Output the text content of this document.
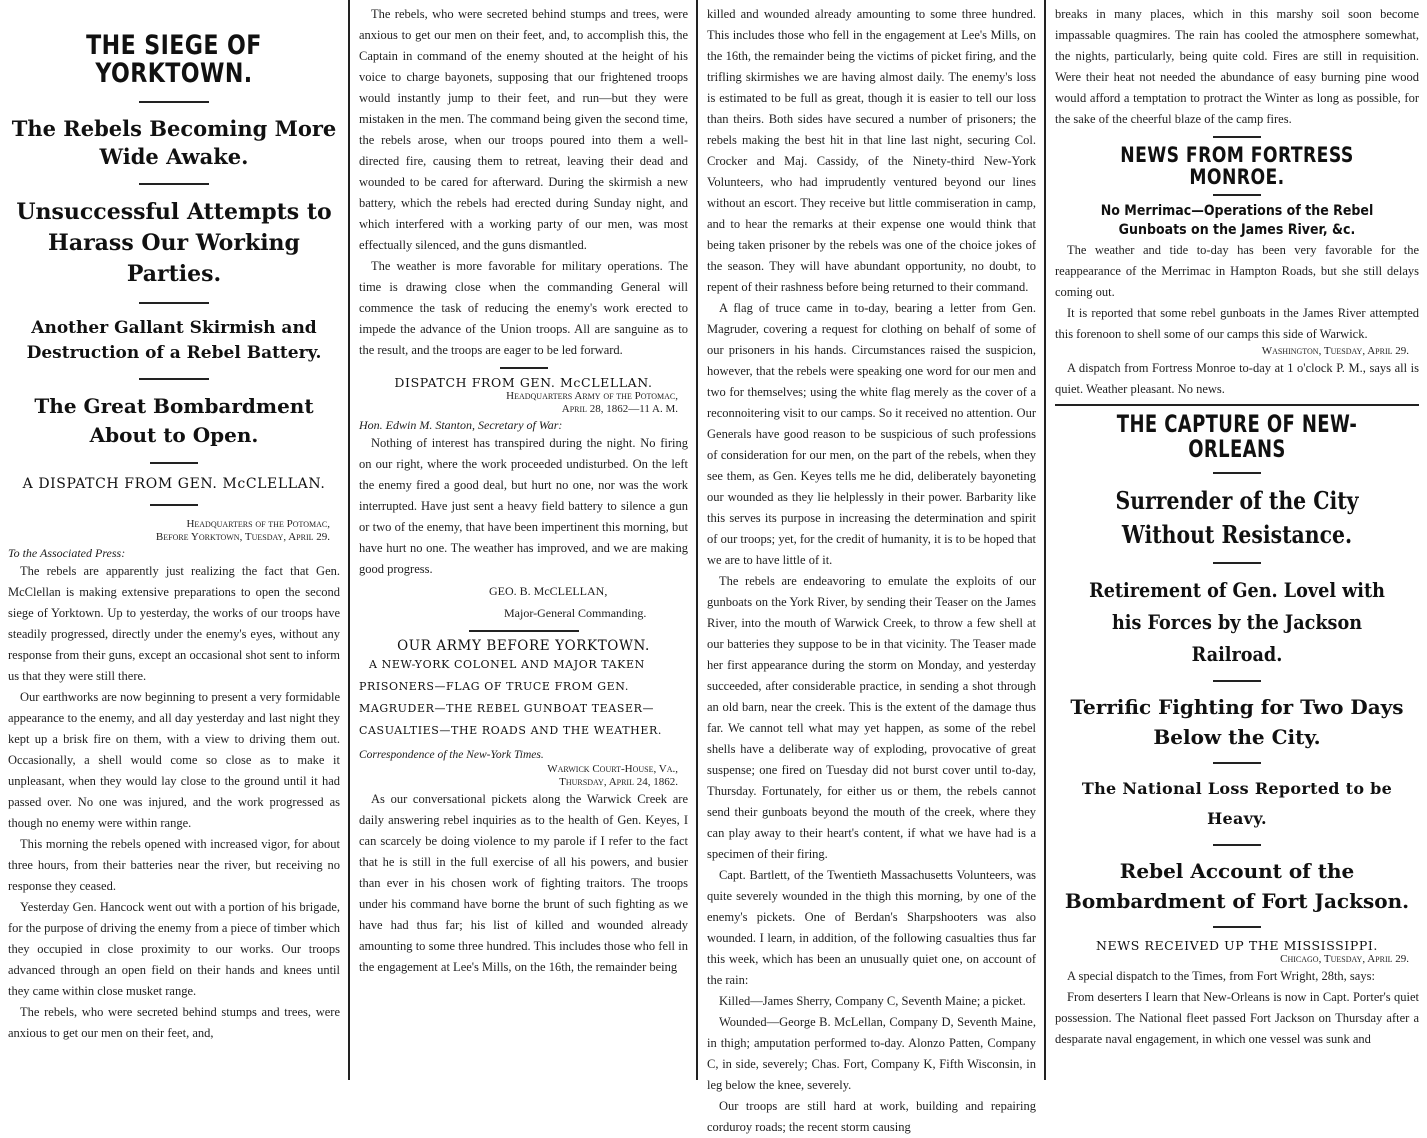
THE SIEGE OF YORKTOWN.

The Rebels Becoming More Wide Awake.

Unsuccessful Attempts to Harass Our Working Parties.

Another Gallant Skirmish and Destruction of a Rebel Battery.

The Great Bombardment About to Open.

A DISPATCH FROM GEN. McCLELLAN.

Headquarters of the Potomac,

Before Yorktown, Tuesday, April 29.

To the Associated Press:

The rebels are apparently just realizing the fact that Gen. McClellan is making extensive preparations to open the second siege of Yorktown. Up to yesterday, the works of our troops have steadily progressed, directly under the enemy's eyes, without any response from their guns, except an occasional shot sent to inform us that they were still there.

Our earthworks are now beginning to present a very formidable appearance to the enemy, and all day yesterday and last night they kept up a brisk fire on them, with a view to driving them out. Occasionally, a shell would come so close as to make it unpleasant, when they would lay close to the ground until it had passed over. No one was injured, and the work progressed as though no enemy were within range.

This morning the rebels opened with increased vigor, for about three hours, from their batteries near the river, but receiving no response they ceased.

Yesterday Gen. Hancock went out with a portion of his brigade, for the purpose of driving the enemy from a piece of timber which they occupied in close proximity to our works. Our troops advanced through an open field on their hands and knees until they came within close musket range.

The rebels, who were secreted behind stumps and trees, were anxious to get our men on their feet, and,

The rebels, who were secreted behind stumps and trees, were anxious to get our men on their feet, and, to accomplish this, the Captain in command of the enemy shouted at the height of his voice to charge bayonets, supposing that our frightened troops would instantly jump to their feet, and run—but they were mistaken in the men. The command being given the second time, the rebels arose, when our troops poured into them a well-directed fire, causing them to retreat, leaving their dead and wounded to be cared for afterward. During the skirmish a new battery, which the rebels had erected during Sunday night, and which interfered with a working party of our men, was most effectually silenced, and the guns dismantled.

The weather is more favorable for military operations. The time is drawing close when the commanding General will commence the task of reducing the enemy's work erected to impede the advance of the Union troops. All are sanguine as to the result, and the troops are eager to be led forward.

DISPATCH FROM GEN. McCLELLAN.

Headquarters Army of the Potomac,

April 28, 1862—11 A. M.

Hon. Edwin M. Stanton, Secretary of War:

Nothing of interest has transpired during the night. No firing on our right, where the work proceeded undisturbed. On the left the enemy fired a good deal, but hurt no one, nor was the work interrupted. Have just sent a heavy field battery to silence a gun or two of the enemy, that have been impertinent this morning, but have hurt no one. The weather has improved, and we are making good progress.

GEO. B. McCLELLAN,

Major-General Commanding.

OUR ARMY BEFORE YORKTOWN.

A NEW-YORK COLONEL AND MAJOR TAKEN PRISONERS—FLAG OF TRUCE FROM GEN. MAGRUDER—THE REBEL GUNBOAT TEASER—CASUALTIES—THE ROADS AND THE WEATHER.

Correspondence of the New-York Times.

Warwick Court-House, Va.,

Thursday, April 24, 1862.

As our conversational pickets along the Warwick Creek are daily answering rebel inquiries as to the health of Gen. Keyes, I can scarcely be doing violence to my parole if I refer to the fact that he is still in the full exercise of all his powers, and busier than ever in his chosen work of fighting traitors. The troops under his command have borne the brunt of such fighting as we have had thus far; his list of killed and wounded already amounting to some three hundred. This includes those who fell in the engagement at Lee's Mills, on the 16th, the remainder being

killed and wounded already amounting to some three hundred. This includes those who fell in the engagement at Lee's Mills, on the 16th, the remainder being the victims of picket firing, and the trifling skirmishes we are having almost daily. The enemy's loss is estimated to be full as great, though it is easier to tell our loss than theirs. Both sides have secured a number of prisoners; the rebels making the best hit in that line last night, securing Col. Crocker and Maj. Cassidy, of the Ninety-third New-York Volunteers, who had imprudently ventured beyond our lines without an escort. They receive but little commiseration in camp, and to hear the remarks at their expense one would think that being taken prisoner by the rebels was one of the choice jokes of the season. They will have abundant opportunity, no doubt, to repent of their rashness before being returned to their command.

A flag of truce came in to-day, bearing a letter from Gen. Magruder, covering a request for clothing on behalf of some of our prisoners in his hands. Circumstances raised the suspicion, however, that the rebels were speaking one word for our men and two for themselves; using the white flag merely as the cover of a reconnoitering visit to our camps. So it received no attention. Our Generals have good reason to be suspicious of such professions of consideration for our men, on the part of the rebels, when they see them, as Gen. Keyes tells me he did, deliberately bayoneting our wounded as they lie helplessly in their power. Barbarity like this serves its purpose in increasing the determination and spirit of our troops; yet, for the credit of humanity, it is to be hoped that we are to have little of it.

The rebels are endeavoring to emulate the exploits of our gunboats on the York River, by sending their Teaser on the James River, into the mouth of Warwick Creek, to throw a few shell at our batteries they suppose to be in that vicinity. The Teaser made her first appearance during the storm on Monday, and yesterday succeeded, after considerable practice, in sending a shot through an old barn, near the creek. This is the extent of the damage thus far. We cannot tell what may yet happen, as some of the rebel shells have a deliberate way of exploding, provocative of great suspense; one fired on Tuesday did not burst cover until to-day, Thursday. Fortunately, for either us or them, the rebels cannot send their gunboats beyond the mouth of the creek, where they can play away to their heart's content, if what we have had is a specimen of their firing.

Capt. Bartlett, of the Twentieth Massachusetts Volunteers, was quite severely wounded in the thigh this morning, by one of the enemy's pickets. One of Berdan's Sharpshooters was also wounded. I learn, in addition, of the following casualties thus far this week, which has been an unusually quiet one, on account of the rain:

Killed—James Sherry, Company C, Seventh Maine; a picket.

Wounded—George B. McLellan, Company D, Seventh Maine, in thigh; amputation performed to-day. Alonzo Patten, Company C, in side, severely; Chas. Fort, Company K, Fifth Wisconsin, in leg below the knee, severely.

Our troops are still hard at work, building and repairing corduroy roads; the recent storm causing

breaks in many places, which in this marshy soil soon become impassable quagmires. The rain has cooled the atmosphere somewhat, the nights, particularly, being quite cold. Fires are still in requisition. Were their heat not needed the abundance of easy burning pine wood would afford a temptation to protract the Winter as long as possible, for the sake of the cheerful blaze of the camp fires.

NEWS FROM FORTRESS MONROE.

No Merrimac—Operations of the Rebel Gunboats on the James River, &c.

The weather and tide to-day has been very favorable for the reappearance of the Merrimac in Hampton Roads, but she still delays coming out.

It is reported that some rebel gunboats in the James River attempted this forenoon to shell some of our camps this side of Warwick.

Washington, Tuesday, April 29.

A dispatch from Fortress Monroe to-day at 1 o'clock P. M., says all is quiet. Weather pleasant. No news.

THE CAPTURE OF NEW-ORLEANS

Surrender of the City Without Resistance.

Retirement of Gen. Lovel with his Forces by the Jackson Railroad.

Terrific Fighting for Two Days Below the City.

The National Loss Reported to be Heavy.

Rebel Account of the Bombardment of Fort Jackson.

NEWS RECEIVED UP THE MISSISSIPPI.

Chicago, Tuesday, April 29.

A special dispatch to the Times, from Fort Wright, 28th, says:

From deserters I learn that New-Orleans is now in Capt. Porter's quiet possession. The National fleet passed Fort Jackson on Thursday after a desparate naval engagement, in which one vessel was sunk and
